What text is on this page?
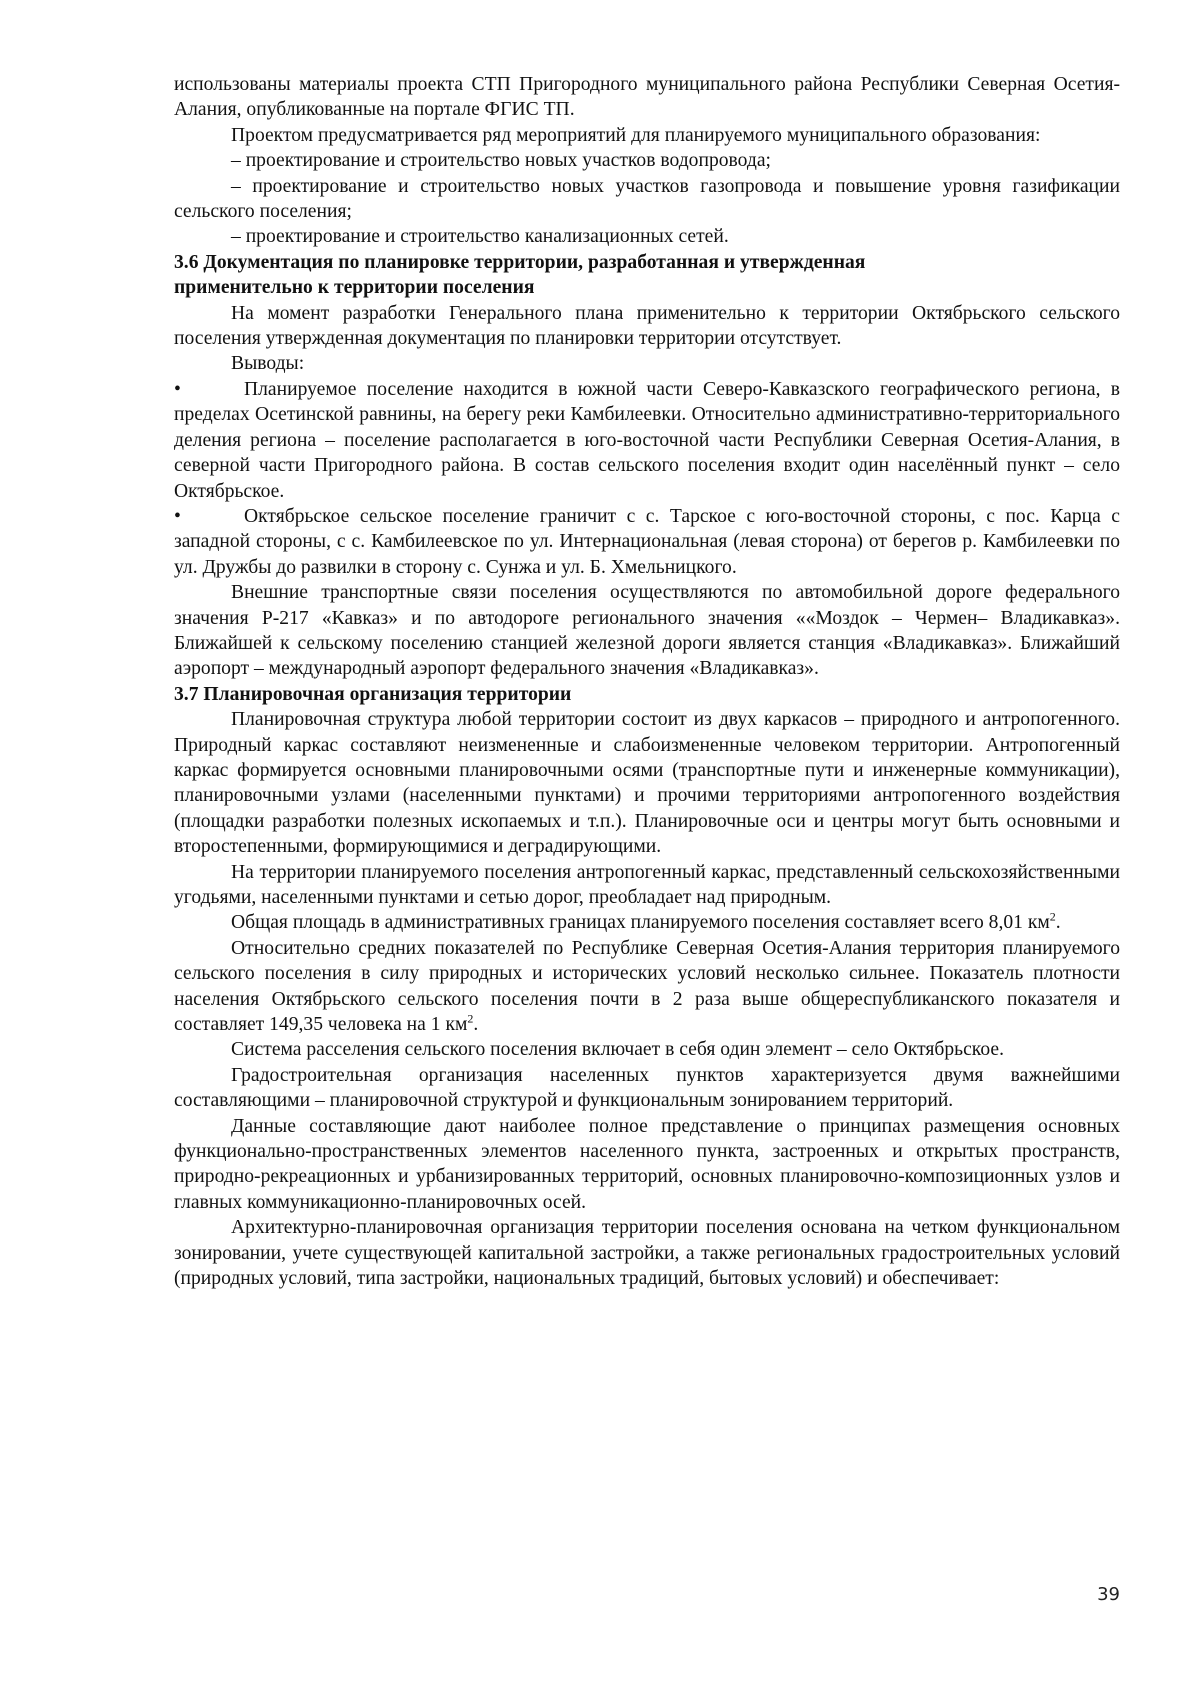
использованы материалы проекта СТП Пригородного муниципального района Республики Северная Осетия-Алания, опубликованные на портале ФГИС ТП.

Проектом предусматривается ряд мероприятий для планируемого муниципального образования:

– проектирование и строительство новых участков водопровода;

– проектирование и строительство новых участков газопровода и повышение уровня газификации сельского поселения;

– проектирование и строительство канализационных сетей.

3.6 Документация по планировке территории, разработанная и утвержденная

применительно к территории поселения

На момент разработки Генерального плана применительно к территории Октябрьского сельского поселения утвержденная документация по планировки территории отсутствует.

Выводы:

•	Планируемое поселение находится в южной части Северо-Кавказского географического региона, в пределах Осетинской равнины, на берегу реки Камбилеевки. Относительно административно-территориального деления региона – поселение располагается в юго-восточной части Республики Северная Осетия-Алания, в северной части Пригородного района. В состав сельского поселения входит один населённый пункт – село Октябрьское.

•	Октябрьское сельское поселение граничит с с. Тарское с юго-восточной стороны, с пос. Карца с западной стороны, с с. Камбилеевское по ул. Интернациональная (левая сторона) от берегов р. Камбилеевки по ул. Дружбы до развилки в сторону с. Сунжа и ул. Б. Хмельницкого.

Внешние транспортные связи поселения осуществляются по автомобильной дороге федерального значения Р-217 «Кавказ» и по автодороге регионального значения ««Моздок – Чермен– Владикавказ». Ближайшей к сельскому поселению станцией железной дороги является станция «Владикавказ». Ближайший аэропорт – международный аэропорт федерального значения «Владикавказ».

3.7 Планировочная организация территории

Планировочная структура любой территории состоит из двух каркасов – природного и антропогенного. Природный каркас составляют неизмененные и слабоизмененные человеком территории. Антропогенный каркас формируется основными планировочными осями (транспортные пути и инженерные коммуникации), планировочными узлами (населенными пунктами) и прочими территориями антропогенного воздействия (площадки разработки полезных ископаемых и т.п.). Планировочные оси и центры могут быть основными и второстепенными, формирующимися и деградирующими.

На территории планируемого поселения антропогенный каркас, представленный сельскохозяйственными угодьями, населенными пунктами и сетью дорог, преобладает над природным.

Общая площадь в административных границах планируемого поселения составляет всего 8,01 $км^2$.

Относительно средних показателей по Республике Северная Осетия-Алания территория планируемого сельского поселения в силу природных и исторических условий несколько сильнее. Показатель плотности населения Октябрьского сельского поселения почти в 2 раза выше общереспубликанского показателя и составляет 149,35 человека на 1 $км^2$.

Система расселения сельского поселения включает в себя один элемент – село Октябрьское.

Градостроительная организация населенных пунктов характеризуется двумя важнейшими составляющими – планировочной структурой и функциональным зонированием территорий.

Данные составляющие дают наиболее полное представление о принципах размещения основных функционально-пространственных элементов населенного пункта, застроенных и открытых пространств, природно-рекреационных и урбанизированных территорий, основных планировочно-композиционных узлов и главных коммуникационно-планировочных осей.

Архитектурно-планировочная организация территории поселения основана на четком функциональном зонировании, учете существующей капитальной застройки, а также региональных градостроительных условий (природных условий, типа застройки, национальных традиций, бытовых условий) и обеспечивает:

39
